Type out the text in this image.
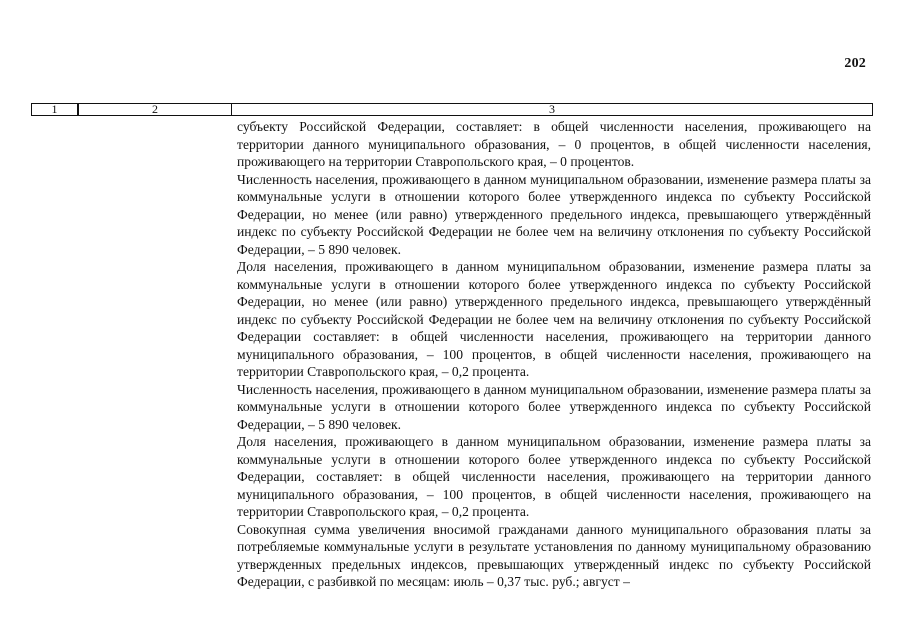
202
1	2	3

субъекту Российской Федерации, составляет: в общей численности населения, проживающего на территории данного муниципального образования, – 0 процентов, в общей численности населения, проживающего на территории Ставропольского края, – 0 процентов.

Численность населения, проживающего в данном муниципальном образовании, изменение размера платы за коммунальные услуги в отношении которого более утвержденного индекса по субъекту Российской Федерации, но менее (или равно) утвержденного предельного индекса, превышающего утверждённый индекс по субъекту Российской Федерации не более чем на величину отклонения по субъекту Российской Федерации, – 5 890 человек.

Доля населения, проживающего в данном муниципальном образовании, изменение размера платы за коммунальные услуги в отношении которого более утвержденного индекса по субъекту Российской Федерации, но менее (или равно) утвержденного предельного индекса, превышающего утверждённый индекс по субъекту Российской Федерации не более чем на величину отклонения по субъекту Российской Федерации составляет: в общей численности населения, проживающего на территории данного муниципального образования, – 100 процентов, в общей численности населения, проживающего на территории Ставропольского края, – 0,2 процента.

Численность населения, проживающего в данном муниципальном образовании, изменение размера платы за коммунальные услуги в отношении которого более утвержденного индекса по субъекту Российской Федерации, – 5 890 человек.

Доля населения, проживающего в данном муниципальном образовании, изменение размера платы за коммунальные услуги в отношении которого более утвержденного индекса по субъекту Российской Федерации, составляет: в общей численности населения, проживающего на территории данного муниципального образования, – 100 процентов, в общей численности населения, проживающего на территории Ставропольского края, – 0,2 процента.

Совокупная сумма увеличения вносимой гражданами данного муниципального образования платы за потребляемые коммунальные услуги в результате установления по данному муниципальному образованию утвержденных предельных индексов, превышающих утвержденный индекс по субъекту Российской Федерации, с разбивкой по месяцам: июль – 0,37 тыс. руб.; август –
